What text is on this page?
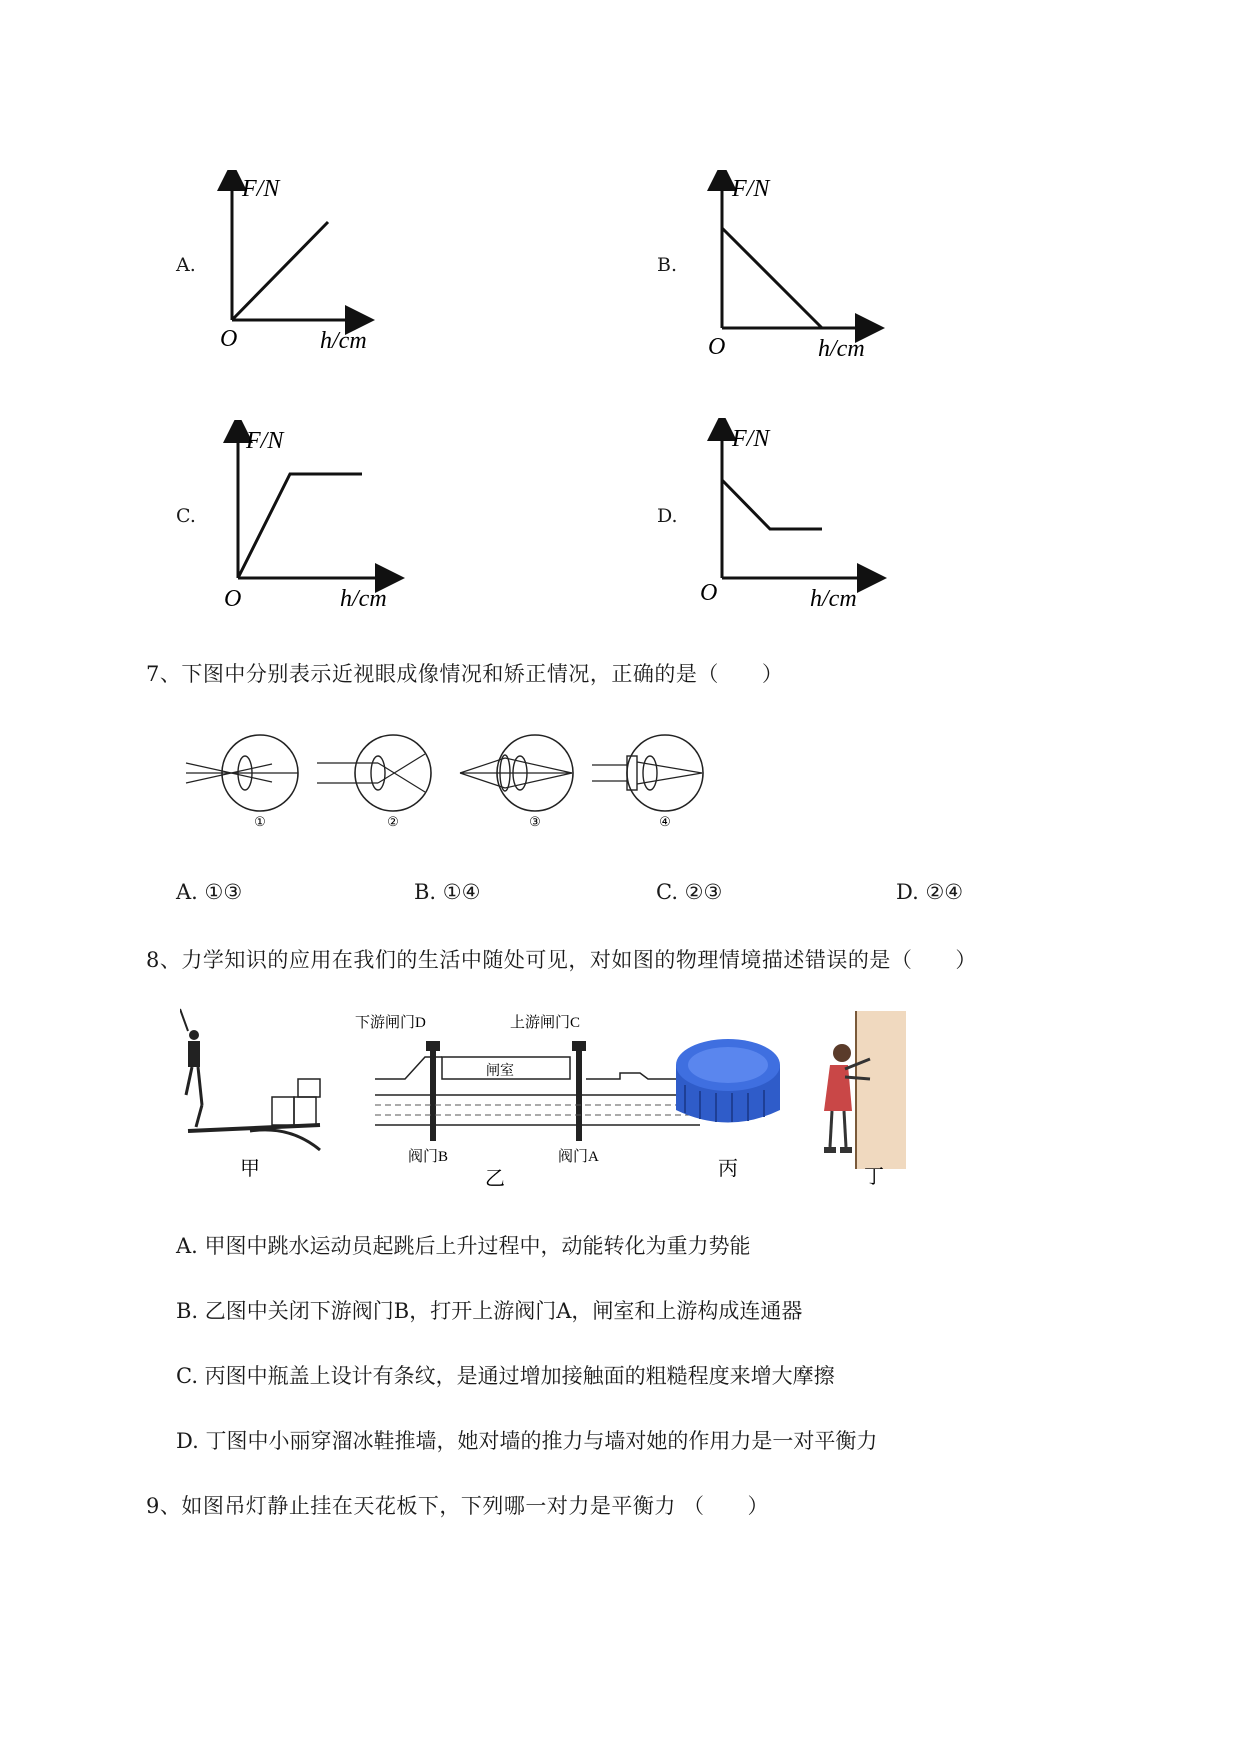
A.
F/N
O	h/cm
B.
F/N
O	h/cm
C.
F/N
O	h/cm
D.
F/N
O	h/cm
7、下图中分别表示近视眼成像情况和矫正情况，正确的是（　　）
①	②	③	④
A. ①③	B. ①④	C. ②③	D. ②④
8、力学知识的应用在我们的生活中随处可见，对如图的物理情境描述错误的是（　　）
甲
下游闸门D	上游闸门C
闸室
阀门B	阀门A
乙	丙	丁
A. 甲图中跳水运动员起跳后上升过程中，动能转化为重力势能
B. 乙图中关闭下游阀门B，打开上游阀门A，闸室和上游构成连通器
C. 丙图中瓶盖上设计有条纹，是通过增加接触面的粗糙程度来增大摩擦
D. 丁图中小丽穿溜冰鞋推墙，她对墙的推力与墙对她的作用力是一对平衡力
9、如图吊灯静止挂在天花板下，下列哪一对力是平衡力 （　　）
